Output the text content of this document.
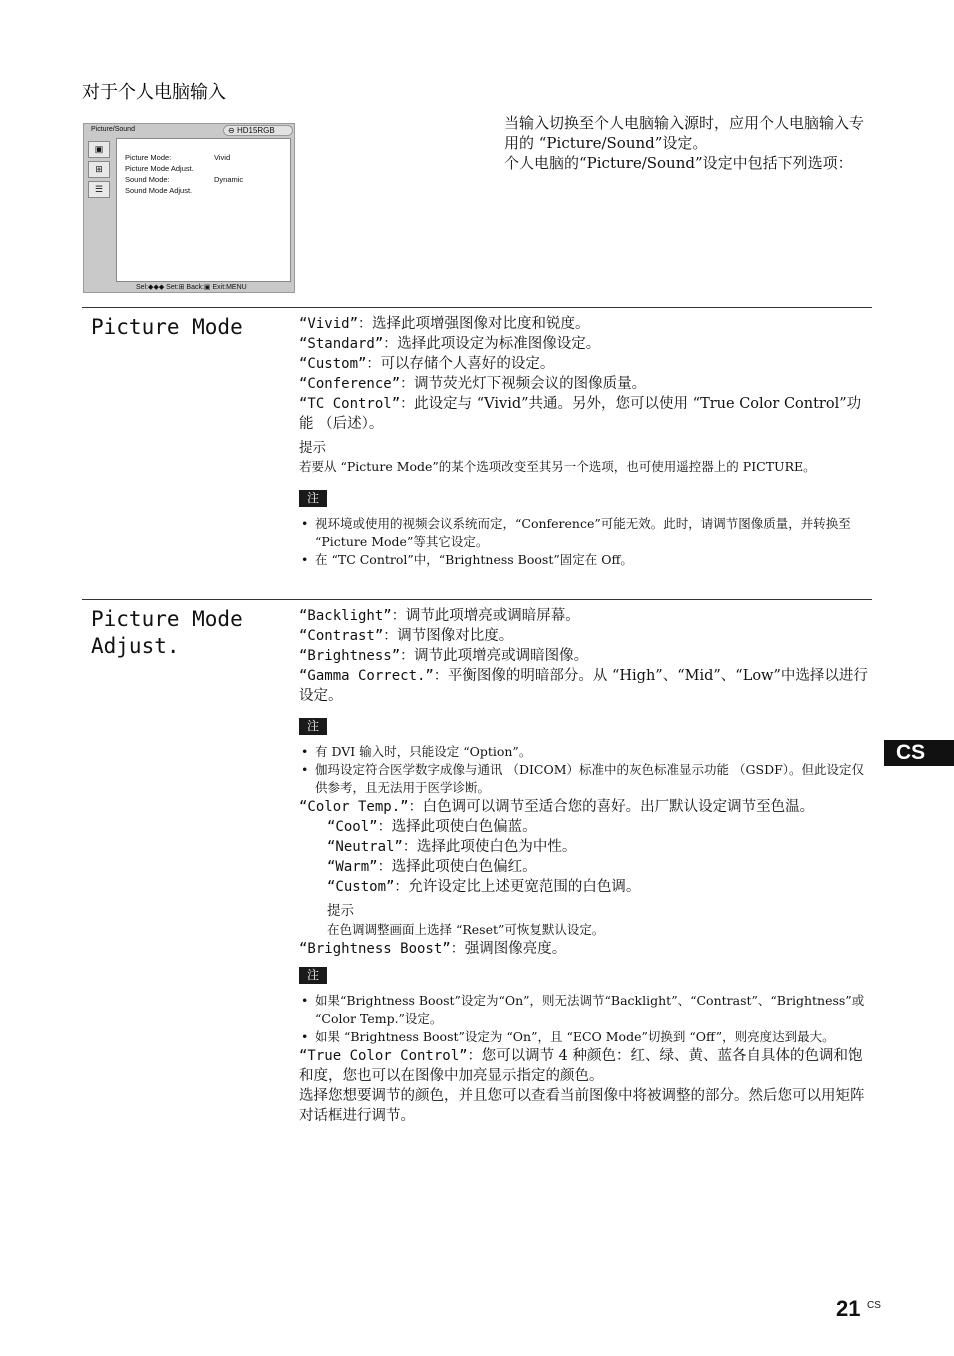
对于个人电脑输入
Picture/Sound	⊖ HD15RGB
▣
⊞
☰
Picture Mode:	Vivid
Picture Mode Adjust.
Sound Mode:	Dynamic
Sound Mode Adjust.
Sel:◆◆◆ Set:⊞ Back:▣ Exit:MENU
当输入切换至个人电脑输入源时，应用个人电脑输入专用的 “Picture/Sound”设定。
个人电脑的“Picture/Sound”设定中包括下列选项：
Picture Mode	“Vivid”：选择此项增强图像对比度和锐度。

“Standard”：选择此项设定为标准图像设定。

“Custom”：可以存储个人喜好的设定。

“Conference”：调节荧光灯下视频会议的图像质量。

“TC Control”：此设定与 “Vivid”共通。另外，您可以使用 “True Color Control”功能 （后述）。

提示
若要从 “Picture Mode”的某个选项改变至其另一个选项，也可使用遥控器上的 PICTURE。
注
• 视环境或使用的视频会议系统而定，“Conference”可能无效。此时，请调节图像质量，并转换至 “Picture Mode”等其它设定。
• 在 “TC Control”中，“Brightness Boost”固定在 Off。
Picture Mode
Adjust.

“Backlight”：调节此项增亮或调暗屏幕。

“Contrast”：调节图像对比度。

“Brightness”：调节此项增亮或调暗图像。

“Gamma Correct.”：平衡图像的明暗部分。从 “High”、“Mid”、“Low”中选择以进行设定。

注
• 有 DVI 输入时，只能设定 “Option”。
• 伽玛设定符合医学数字成像与通讯 （DICOM）标准中的灰色标准显示功能 （GSDF）。但此设定仅供参考，且无法用于医学诊断。

“Color Temp.”：白色调可以调节至适合您的喜好。出厂默认设定调节至色温。

“Cool”：选择此项使白色偏蓝。

“Neutral”：选择此项使白色为中性。

“Warm”：选择此项使白色偏红。

“Custom”：允许设定比上述更宽范围的白色调。

提示
在色调调整画面上选择 “Reset”可恢复默认设定。

“Brightness Boost”：强调图像亮度。

注
• 如果“Brightness Boost”设定为“On”，则无法调节“Backlight”、“Contrast”、“Brightness”或 “Color Temp.”设定。
• 如果 “Brightness Boost”设定为 “On”，且 “ECO Mode”切换到 “Off”，则亮度达到最大。

“True Color Control”：您可以调节 4 种颜色：红、绿、黄、蓝各自具体的色调和饱和度，您也可以在图像中加亮显示指定的颜色。

选择您想要调节的颜色，并且您可以查看当前图像中将被调整的部分。然后您可以用矩阵对话框进行调节。

CS
21 CS
